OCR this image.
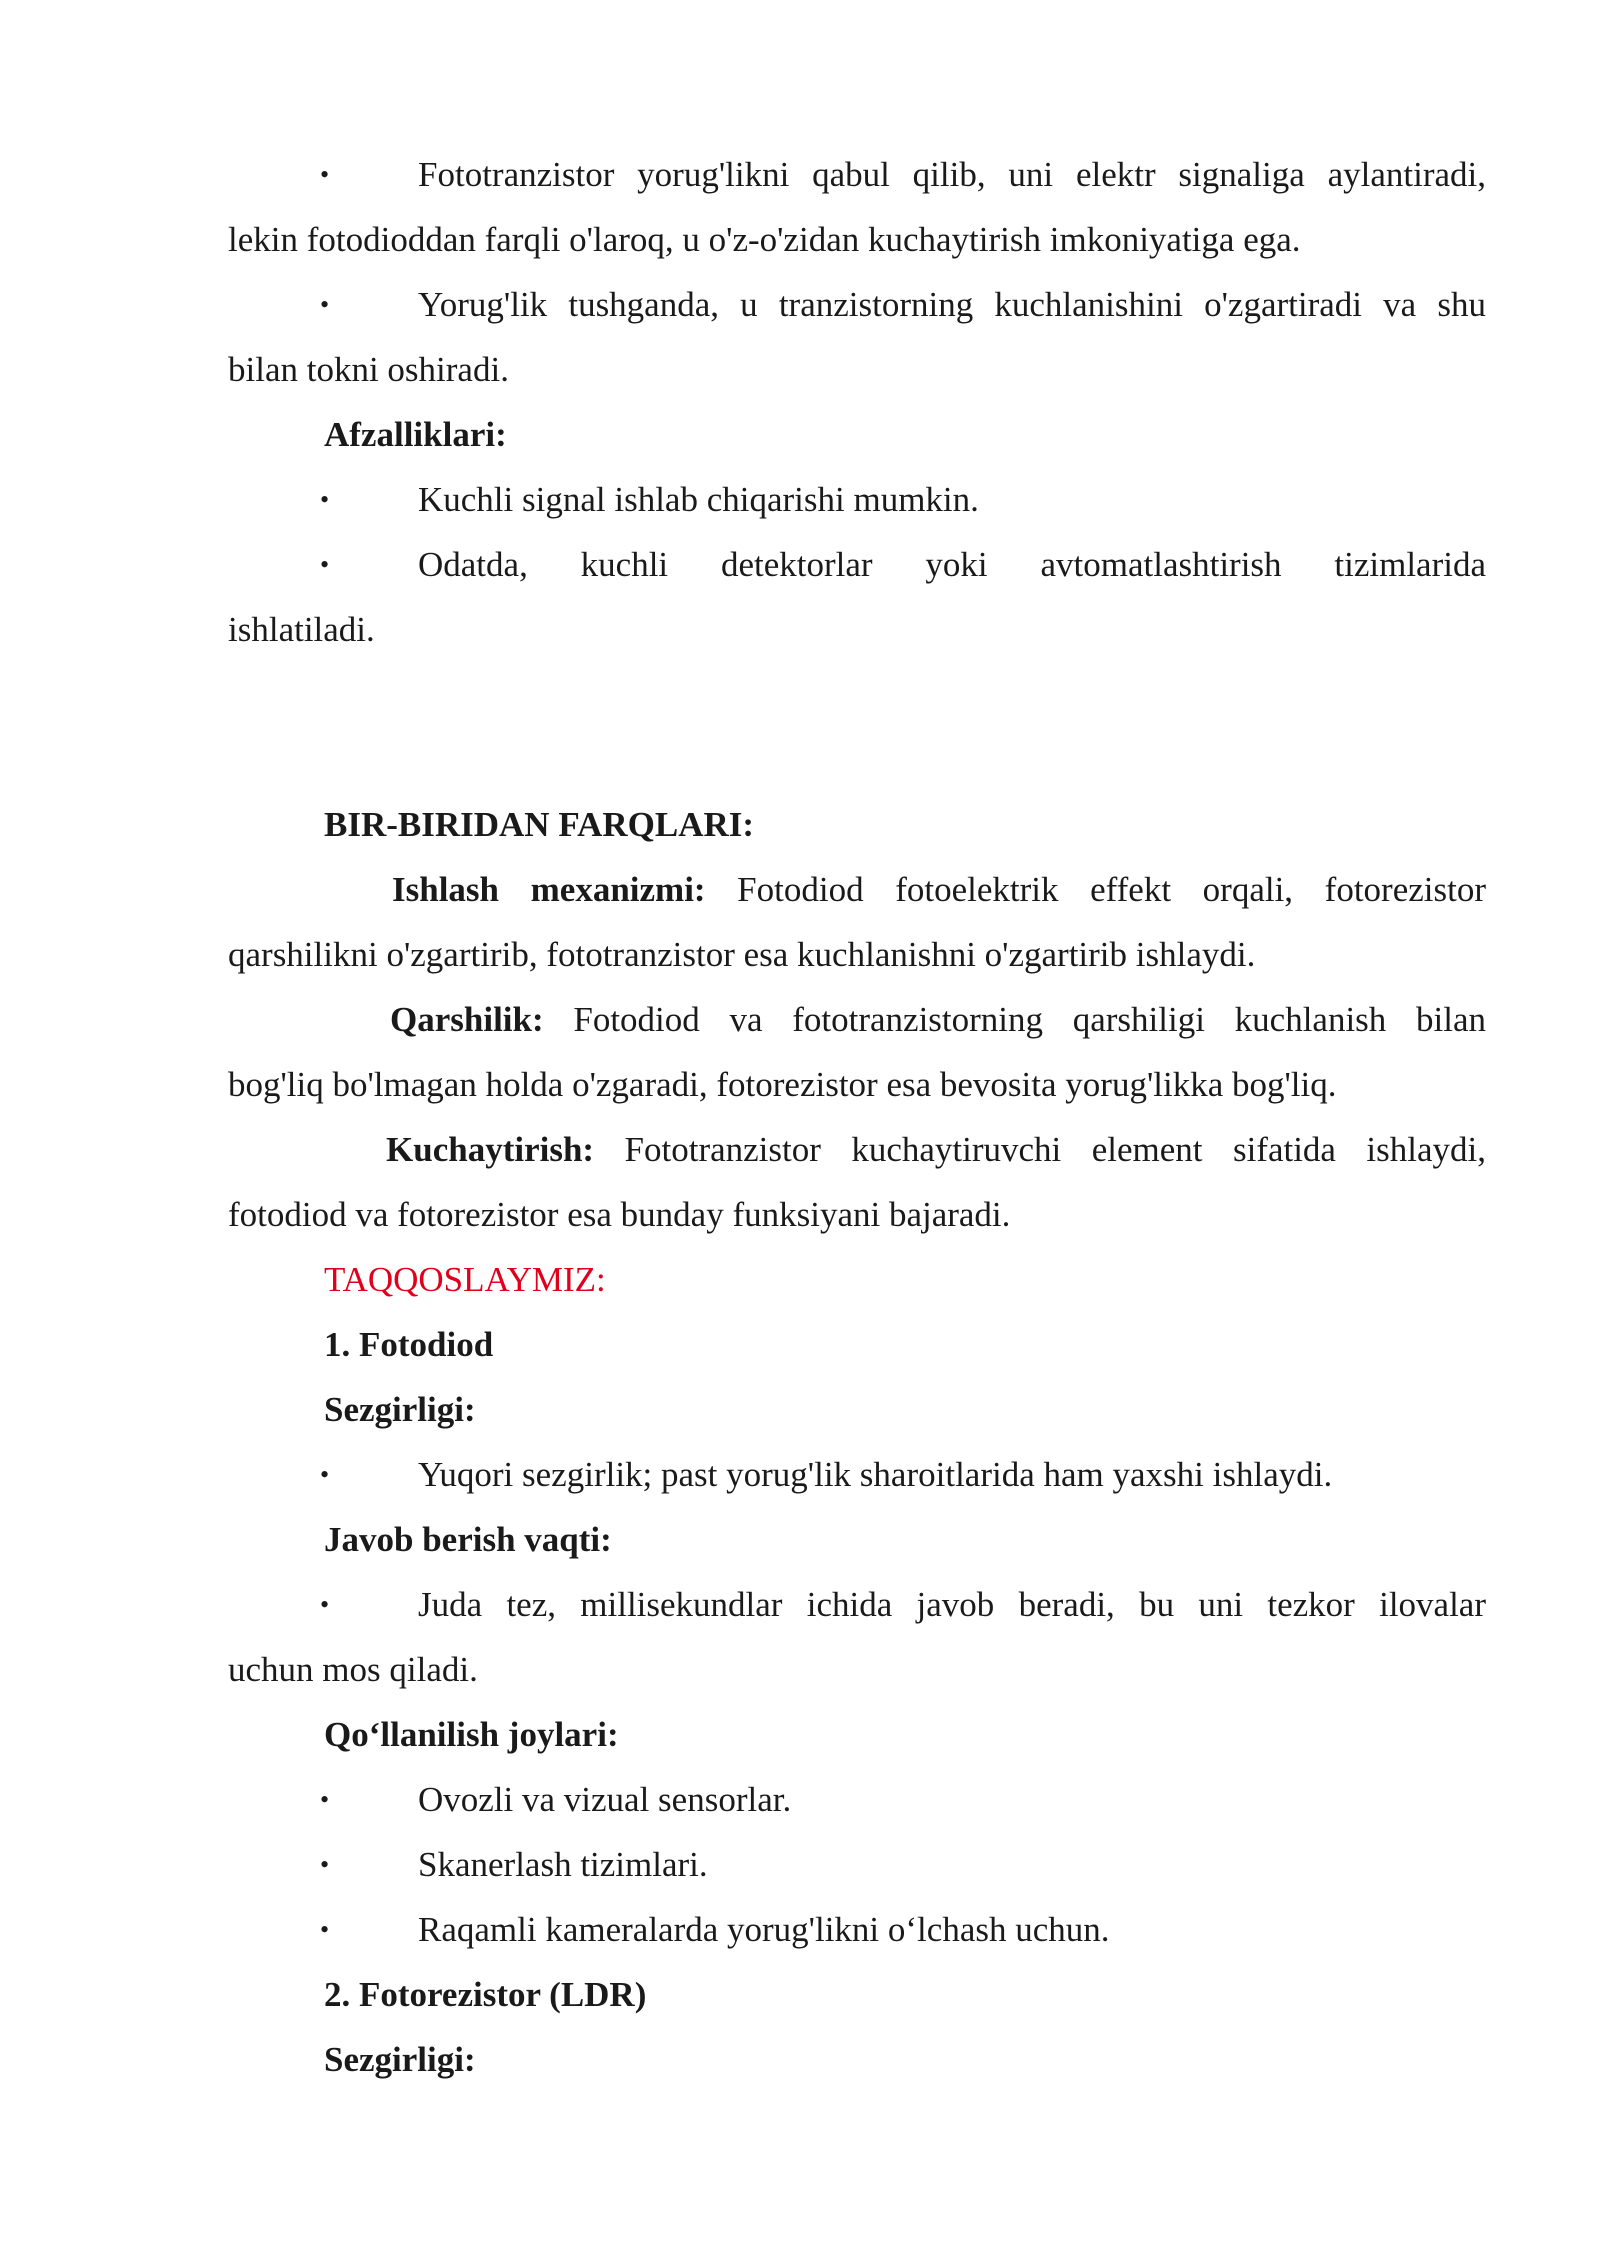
•	Fototranzistor yorug'likni qabul qilib, uni elektr signaliga aylantiradi,
lekin fotodioddan farqli o'laroq, u o'z-o'zidan kuchaytirish imkoniyatiga ega.
•	Yorug'lik tushganda, u tranzistorning kuchlanishini o'zgartiradi va shu
bilan tokni oshiradi.
Afzalliklari:
•	Kuchli signal ishlab chiqarishi mumkin.
•	Odatda, kuchli detektorlar yoki avtomatlashtirish tizimlarida
ishlatiladi.
BIR-BIRIDAN FARQLARI:
Ishlash mexanizmi: Fotodiod fotoelektrik effekt orqali, fotorezistor
qarshilikni o'zgartirib, fototranzistor esa kuchlanishni o'zgartirib ishlaydi.
Qarshilik: Fotodiod va fototranzistorning qarshiligi kuchlanish bilan
bog'liq bo'lmagan holda o'zgaradi, fotorezistor esa bevosita yorug'likka bog'liq.
Kuchaytirish: Fototranzistor kuchaytiruvchi element sifatida ishlaydi,
fotodiod va fotorezistor esa bunday funksiyani bajaradi.
TAQQOSLAYMIZ:
1. Fotodiod
Sezgirligi:
•	Yuqori sezgirlik; past yorug'lik sharoitlarida ham yaxshi ishlaydi.
Javob berish vaqti:
•	Juda tez, millisekundlar ichida javob beradi, bu uni tezkor ilovalar
uchun mos qiladi.
Qo‘llanilish joylari:
•	Ovozli va vizual sensorlar.
•	Skanerlash tizimlari.
•	Raqamli kameralarda yorug'likni o‘lchash uchun.
2. Fotorezistor (LDR)
Sezgirligi:
